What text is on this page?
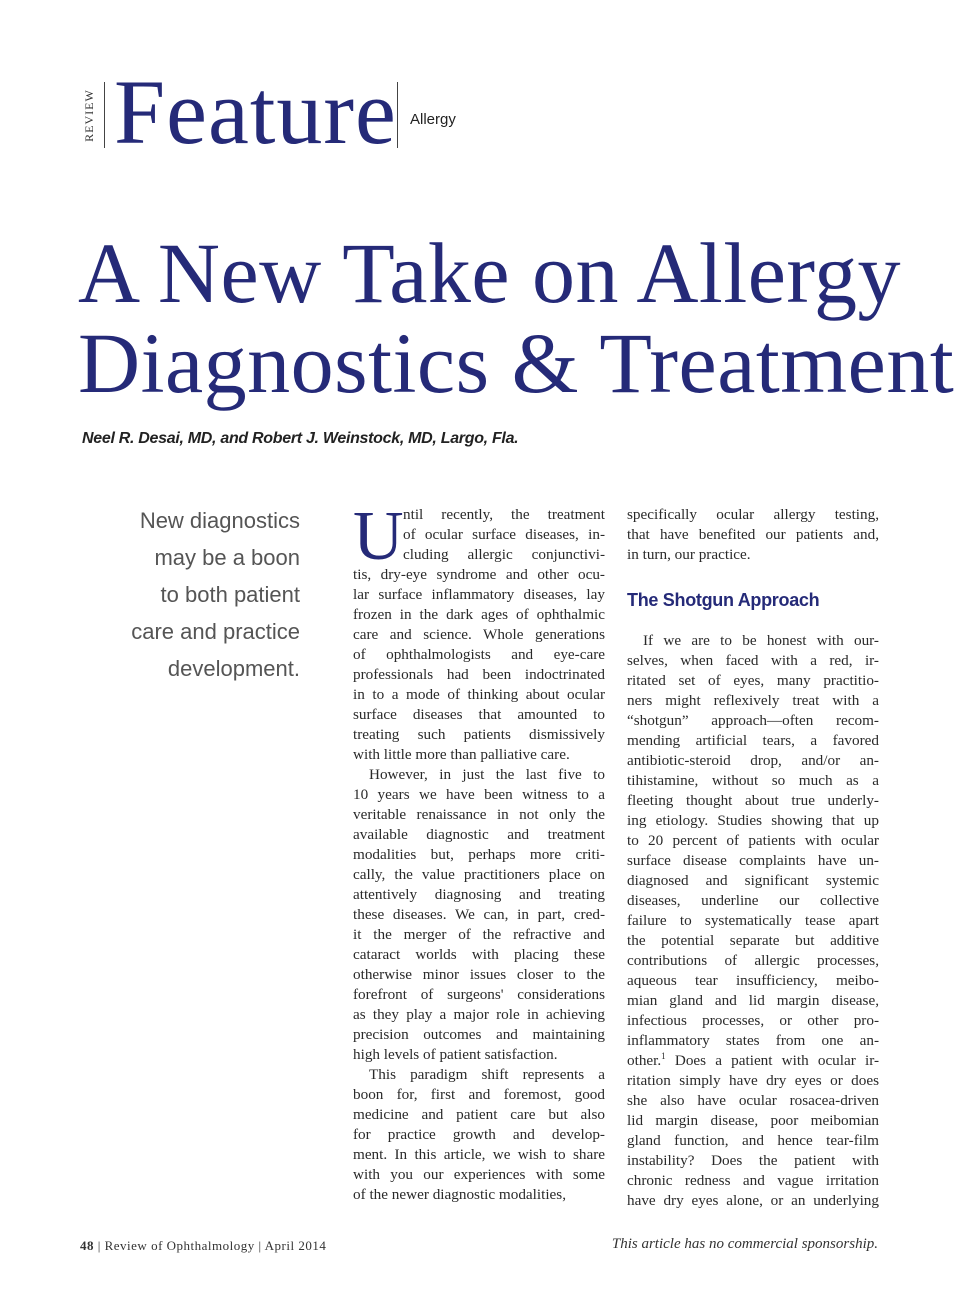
REVIEW Feature Allergy
A New Take on Allergy
Diagnostics & Treatment
Neel R. Desai, MD, and Robert J. Weinstock, MD, Largo, Fla.
New diagnostics
may be a boon
to both patient
care and practice
development.
U ntil recently, the treatment
of ocular surface diseases, in-
cluding allergic conjunctivi-
tis, dry-eye syndrome and other ocu-
lar surface inflammatory diseases, lay
frozen in the dark ages of ophthalmic
care and science. Whole generations
of ophthalmologists and eye-care
professionals had been indoctrinated
in to a mode of thinking about ocular
surface diseases that amounted to
treating such patients dismissively
with little more than palliative care.
However, in just the last five to
10 years we have been witness to a
veritable renaissance in not only the
available diagnostic and treatment
modalities but, perhaps more criti-
cally, the value practitioners place on
attentively diagnosing and treating
these diseases. We can, in part, cred-
it the merger of the refractive and
cataract worlds with placing these
otherwise minor issues closer to the
forefront of surgeons' considerations
as they play a major role in achieving
precision outcomes and maintaining
high levels of patient satisfaction.
This paradigm shift represents a
boon for, first and foremost, good
medicine and patient care but also
for practice growth and develop-
ment. In this article, we wish to share
with you our experiences with some
of the newer diagnostic modalities,
specifically ocular allergy testing,
that have benefited our patients and,
in turn, our practice.
The Shotgun Approach
If we are to be honest with our-
selves, when faced with a red, ir-
ritated set of eyes, many practitio-
ners might reflexively treat with a
“shotgun” approach—often recom-
mending artificial tears, a favored
antibiotic-steroid drop, and/or an-
tihistamine, without so much as a
fleeting thought about true underly-
ing etiology. Studies showing that up
to 20 percent of patients with ocular
surface disease complaints have un-
diagnosed and significant systemic
diseases, underline our collective
failure to systematically tease apart
the potential separate but additive
contributions of allergic processes,
aqueous tear insufficiency, meibo-
mian gland and lid margin disease,
infectious processes, or other pro-
inflammatory states from one an-
other.$^1$ Does a patient with ocular ir-
ritation simply have dry eyes or does
she also have ocular rosacea-driven
lid margin disease, poor meibomian
gland function, and hence tear-film
instability? Does the patient with
chronic redness and vague irritation
have dry eyes alone, or an underlying
48 | Review of Ophthalmology | April 2014	This article has no commercial sponsorship.
